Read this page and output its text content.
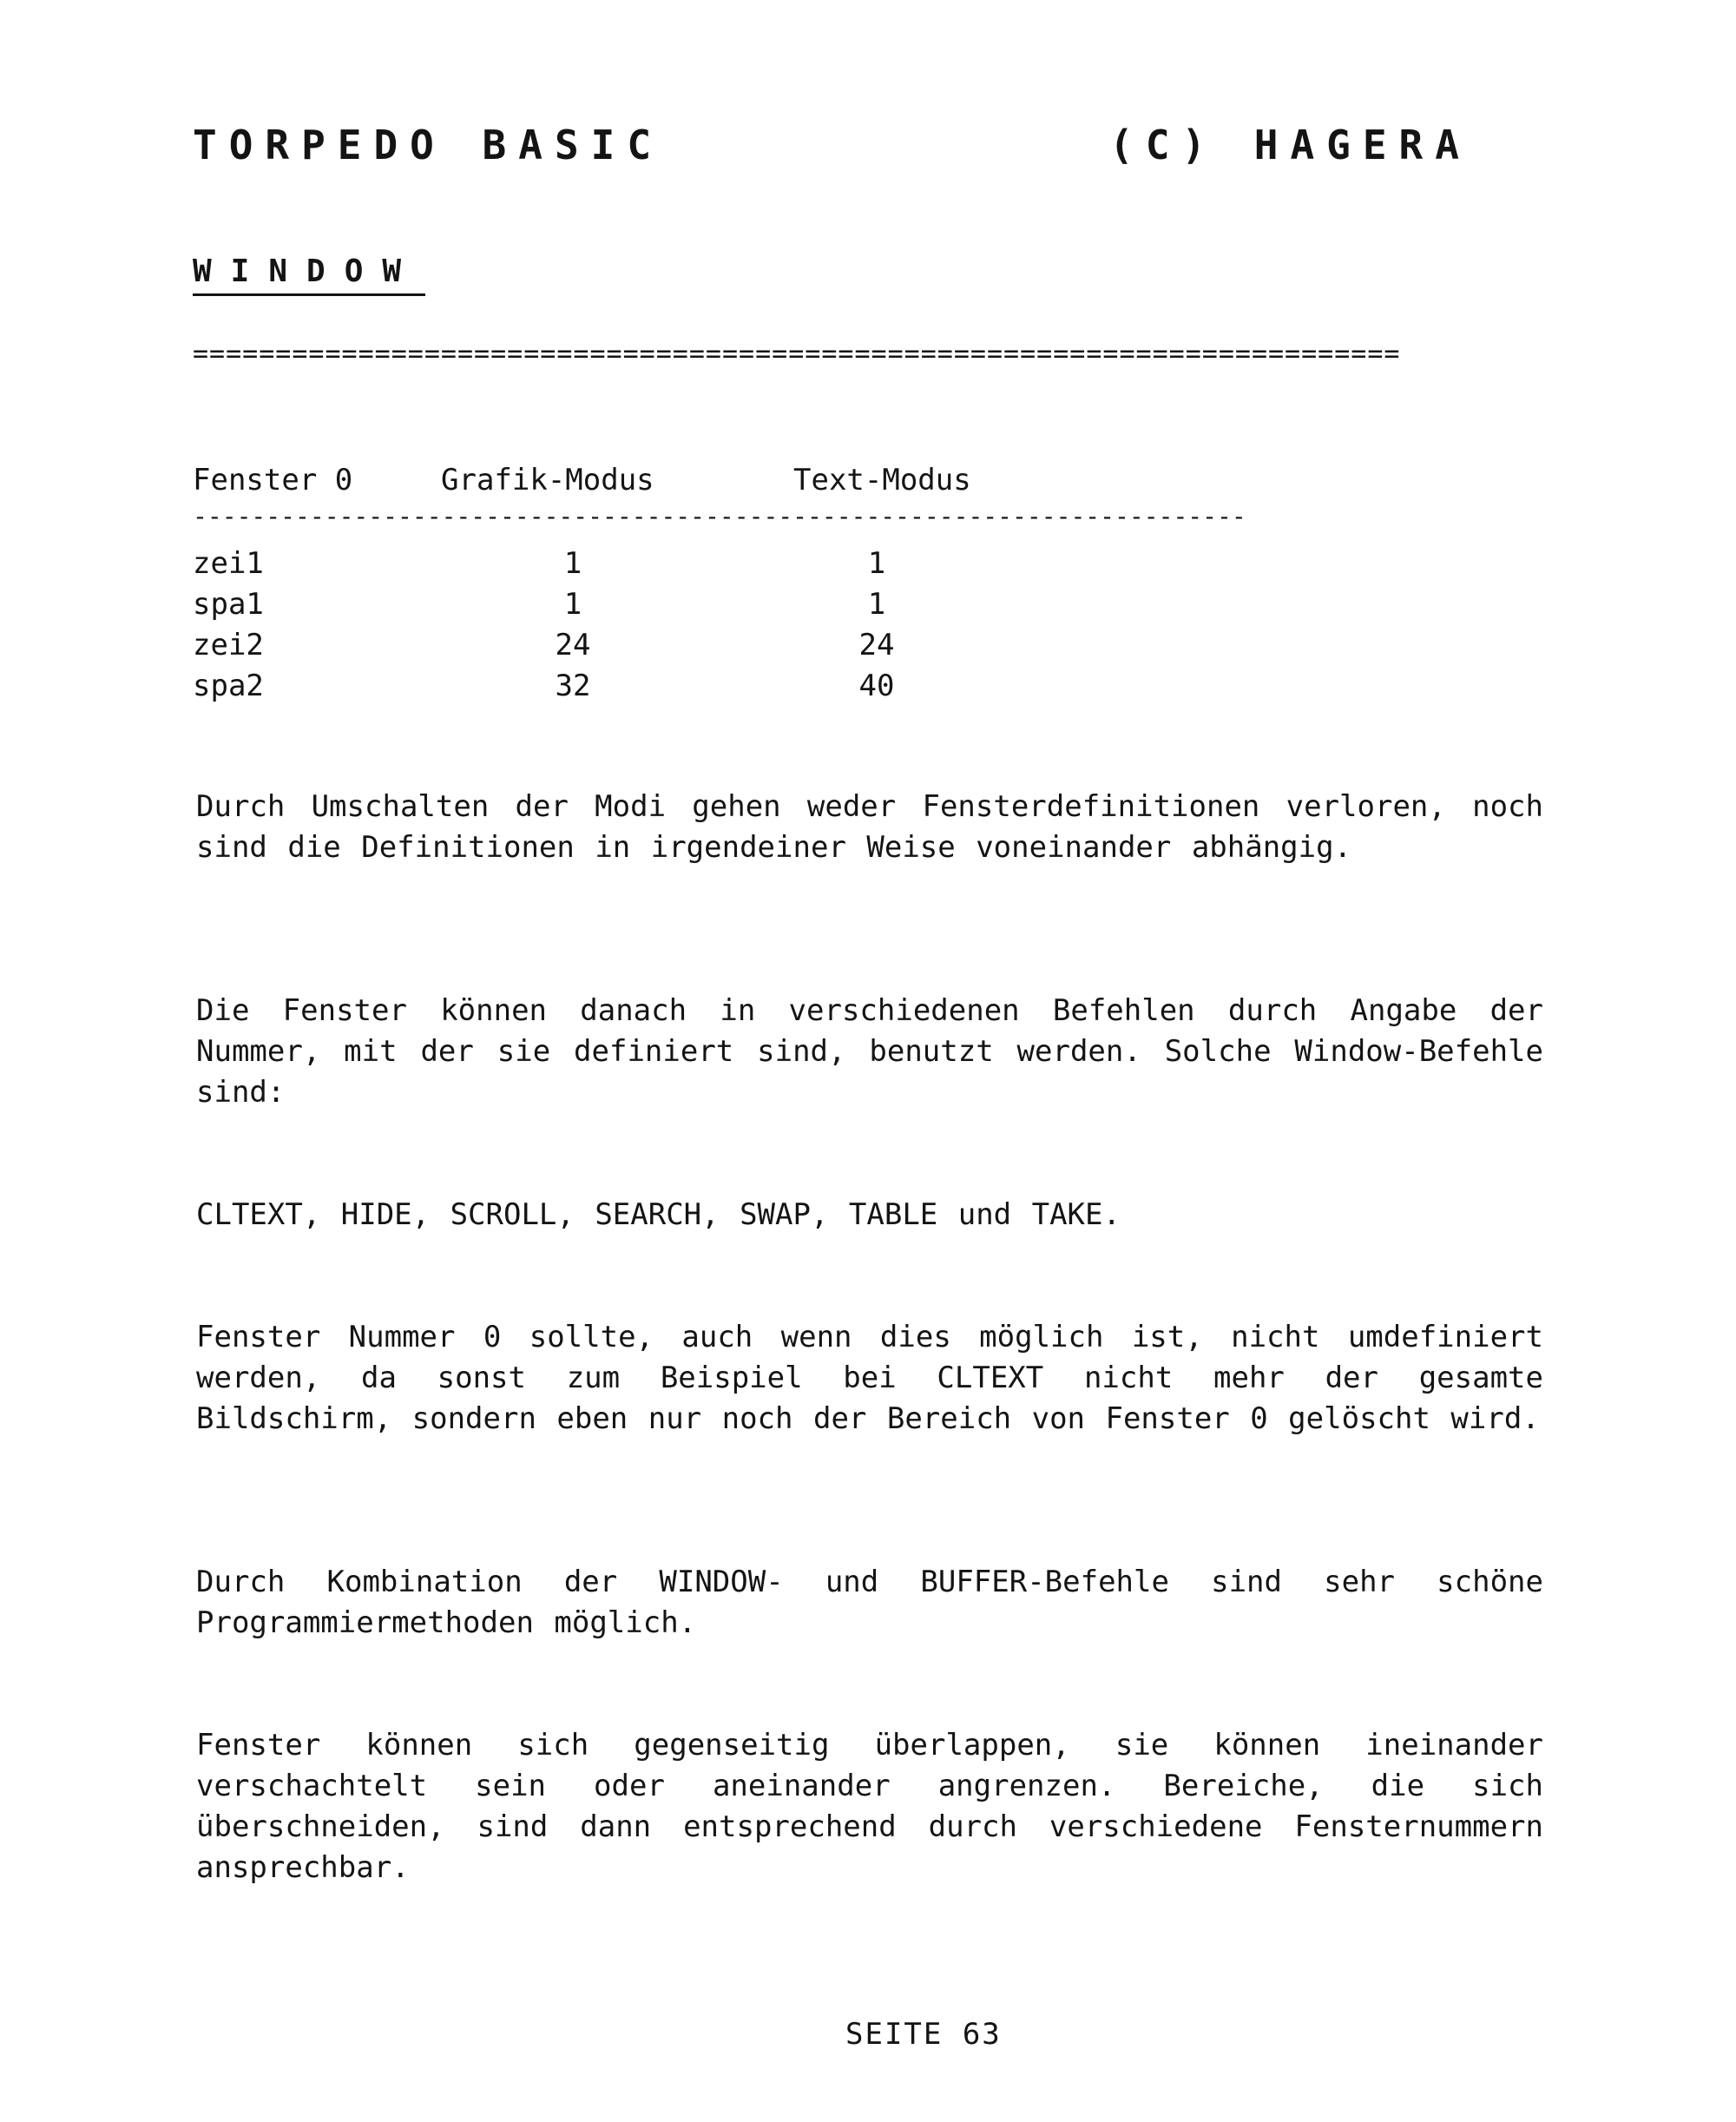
TORPEDO BASIC	(C) HAGERA
WINDOW
=========================================================================
Fenster 0	Grafik-Modus	Text-Modus
------------------------------------------------------------------------
zei1	1	1
spa1	1	1
zei2	24	24
spa2	32	40
Durch Umschalten der Modi gehen weder Fensterdefinitionen verloren, noch sind die Definitionen in irgendeiner Weise voneinander abhängig.
Die Fenster können danach in verschiedenen Befehlen durch Angabe der Nummer, mit der sie definiert sind, benutzt werden. Solche Window-Befehle sind:
CLTEXT, HIDE, SCROLL, SEARCH, SWAP, TABLE und TAKE.
Fenster Nummer 0 sollte, auch wenn dies möglich ist, nicht umdefiniert werden, da sonst zum Beispiel bei CLTEXT nicht mehr der gesamte Bildschirm, sondern eben nur noch der Bereich von Fenster 0 gelöscht wird.
Durch Kombination der WINDOW- und BUFFER-Befehle sind sehr schöne Programmiermethoden möglich.
Fenster können sich gegenseitig überlappen, sie können ineinander verschachtelt sein oder aneinander angrenzen. Bereiche, die sich überschneiden, sind dann entsprechend durch verschiedene Fensternummern ansprechbar.
SEITE 63
